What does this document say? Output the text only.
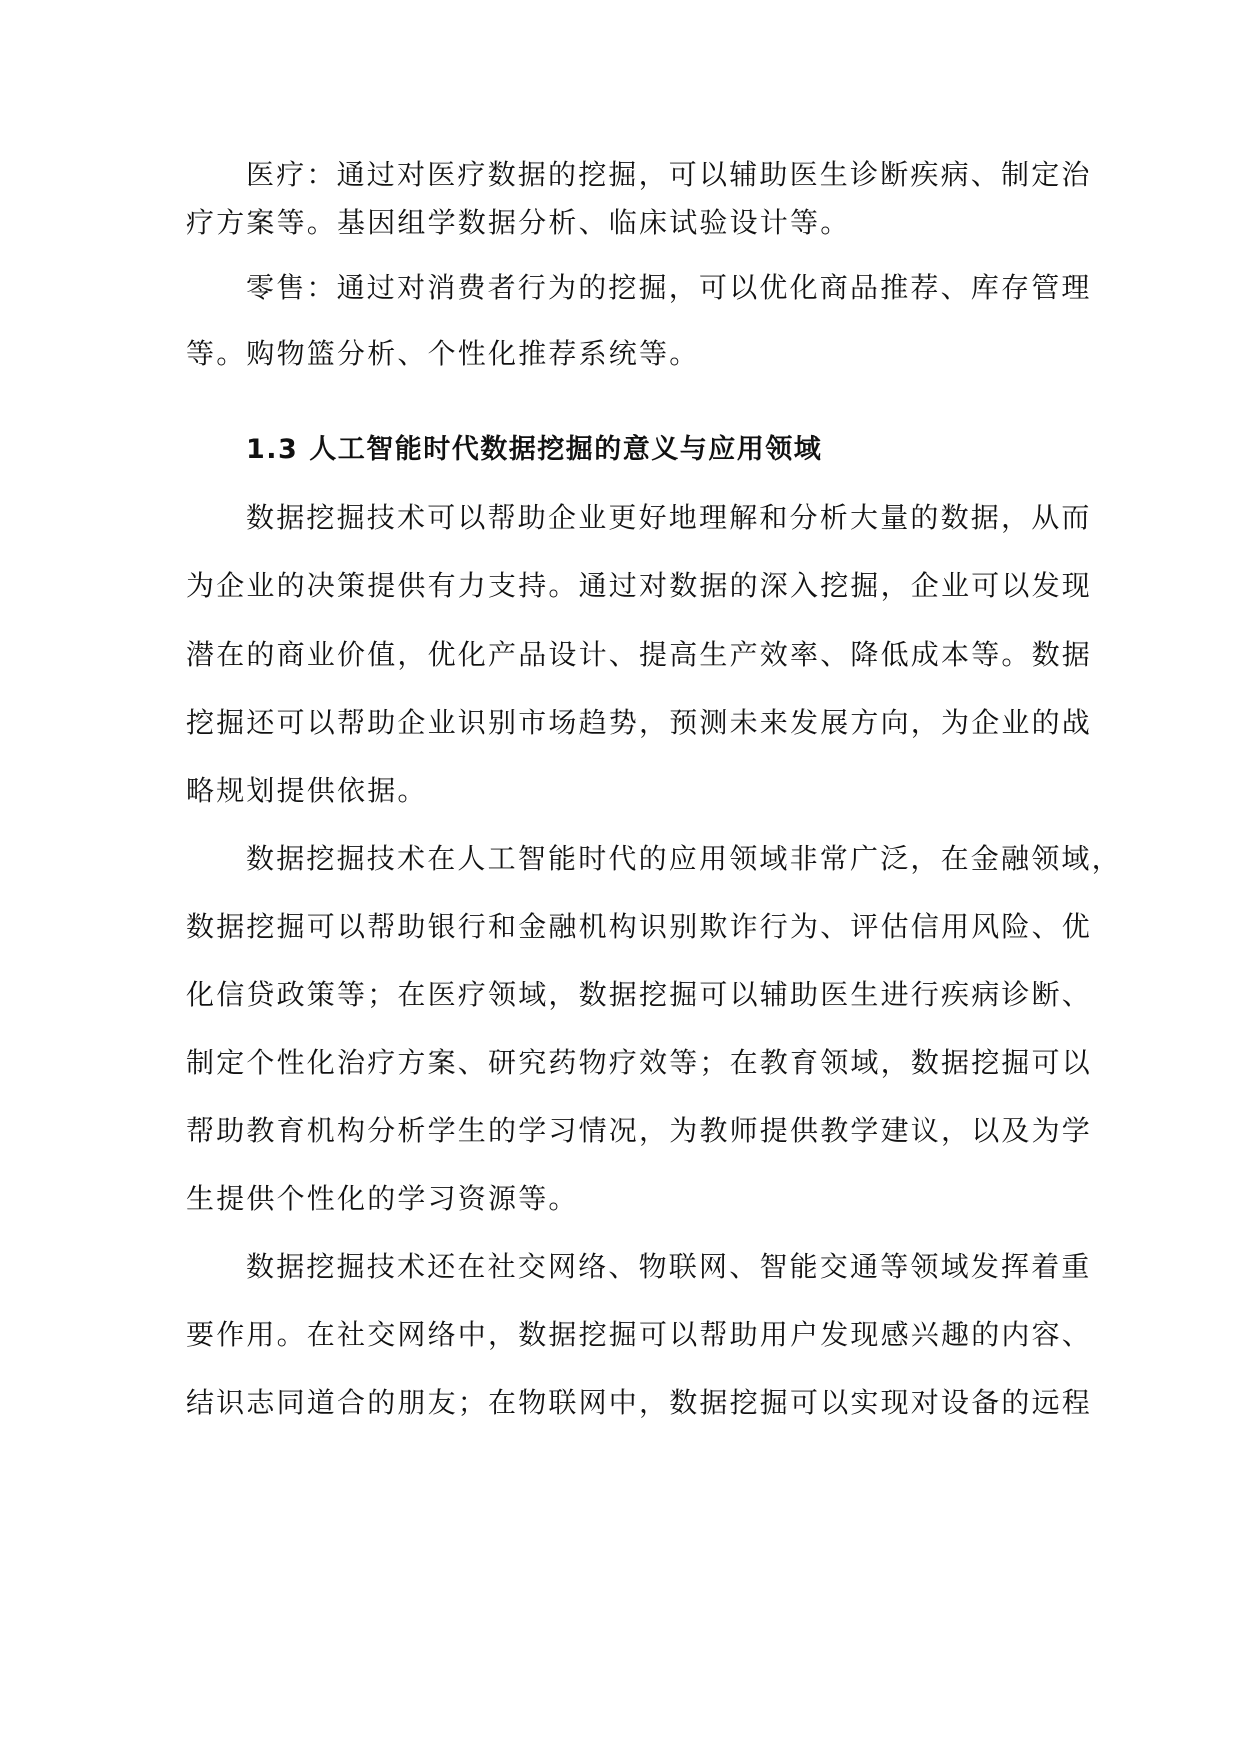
医疗：通过对医疗数据的挖掘，可以辅助医生诊断疾病、制定治
疗方案等。基因组学数据分析、临床试验设计等。
零售：通过对消费者行为的挖掘，可以优化商品推荐、库存管理
等。购物篮分析、个性化推荐系统等。
1.3 人工智能时代数据挖掘的意义与应用领域
数据挖掘技术可以帮助企业更好地理解和分析大量的数据，从而
为企业的决策提供有力支持。通过对数据的深入挖掘，企业可以发现
潜在的商业价值，优化产品设计、提高生产效率、降低成本等。数据
挖掘还可以帮助企业识别市场趋势，预测未来发展方向，为企业的战
略规划提供依据。
数据挖掘技术在人工智能时代的应用领域非常广泛，在金融领域，
数据挖掘可以帮助银行和金融机构识别欺诈行为、评估信用风险、优
化信贷政策等；在医疗领域，数据挖掘可以辅助医生进行疾病诊断、
制定个性化治疗方案、研究药物疗效等；在教育领域，数据挖掘可以
帮助教育机构分析学生的学习情况，为教师提供教学建议，以及为学
生提供个性化的学习资源等。
数据挖掘技术还在社交网络、物联网、智能交通等领域发挥着重
要作用。在社交网络中，数据挖掘可以帮助用户发现感兴趣的内容、
结识志同道合的朋友；在物联网中，数据挖掘可以实现对设备的远程
